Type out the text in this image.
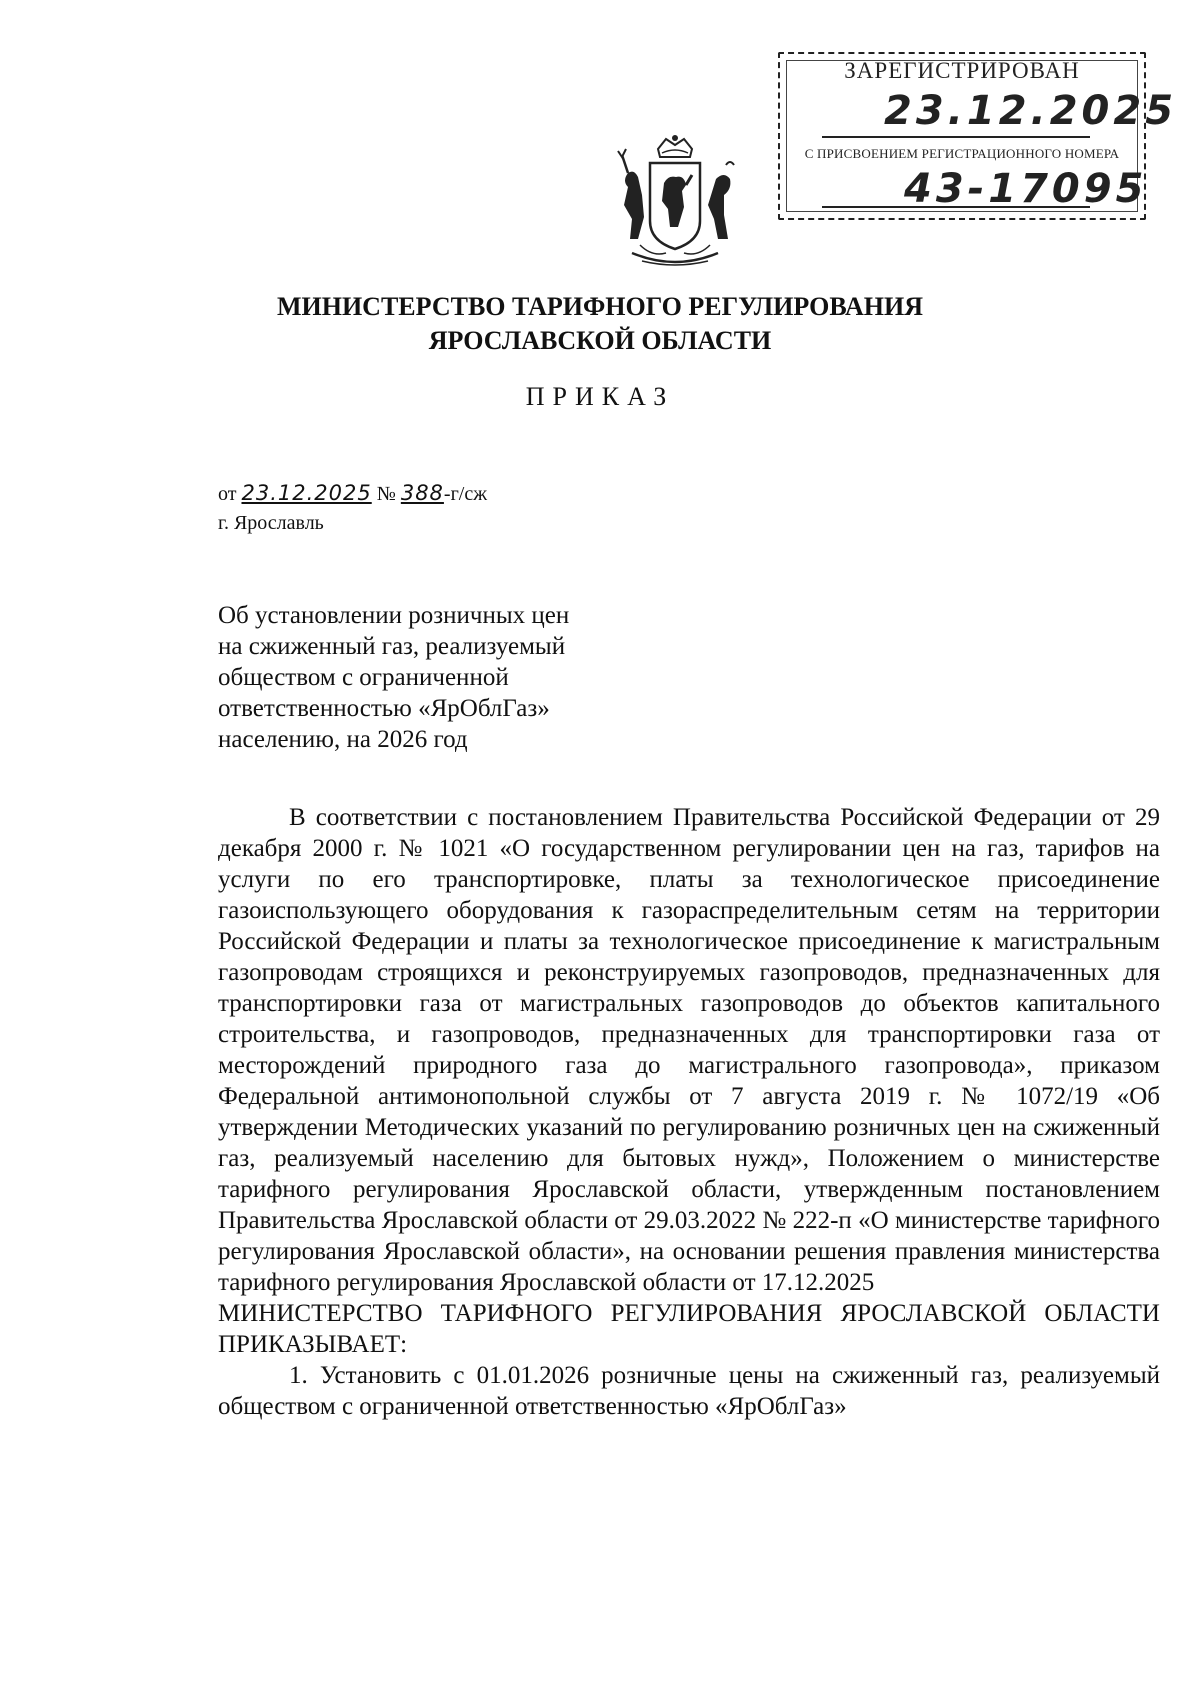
ЗАРЕГИСТРИРОВАН
23.12.2025
С ПРИСВОЕНИЕМ РЕГИСТРАЦИОННОГО НОМЕРА
43-17095
МИНИСТЕРСТВО ТАРИФНОГО РЕГУЛИРОВАНИЯ
ЯРОСЛАВСКОЙ ОБЛАСТИ
ПРИКАЗ
от 23.12.2025 № 388-г/сж
г. Ярославль
Об установлении розничных цен
на сжиженный газ, реализуемый
обществом с ограниченной
ответственностью «ЯрОблГаз»
населению, на 2026 год

В соответствии с постановлением Правительства Российской Федерации от 29 декабря 2000 г. № 1021 «О государственном регулировании цен на газ, тарифов на услуги по его транспортировке, платы за технологическое присоединение газоиспользующего оборудования к газораспределительным сетям на территории Российской Федерации и платы за технологическое присоединение к магистральным газопроводам строящихся и реконструируемых газопроводов, предназначенных для транспортировки газа от магистральных газопроводов до объектов капитального строительства, и газопроводов, предназначенных для транспортировки газа от месторождений природного газа до магистрального газопровода», приказом Федеральной антимонопольной службы от 7 августа 2019 г. № 1072/19 «Об утверждении Методических указаний по регулированию розничных цен на сжиженный газ, реализуемый населению для бытовых нужд», Положением о министерстве тарифного регулирования Ярославской области, утвержденным постановлением Правительства Ярославской области от 29.03.2022 № 222-п «О министерстве тарифного регулирования Ярославской области», на основании решения правления министерства тарифного регулирования Ярославской области от 17.12.2025

МИНИСТЕРСТВО ТАРИФНОГО РЕГУЛИРОВАНИЯ ЯРОСЛАВСКОЙ ОБЛАСТИ ПРИКАЗЫВАЕТ:

1. Установить с 01.01.2026 розничные цены на сжиженный газ, реализуемый обществом с ограниченной ответственностью «ЯрОблГаз»
